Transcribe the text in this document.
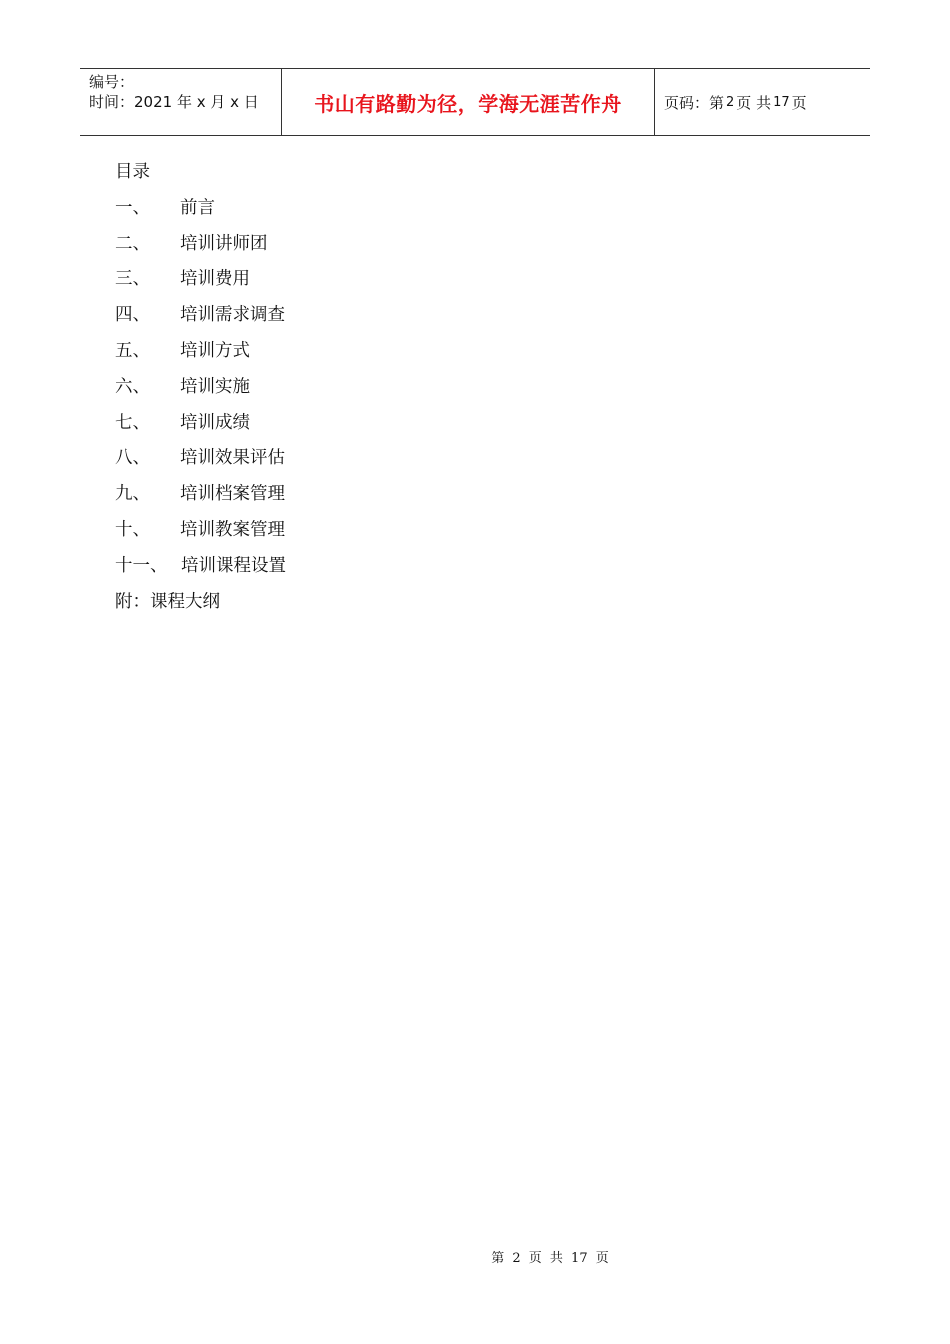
编号：
时间：2021 年 x 月 x 日	书山有路勤为径，学海无涯苦作舟	页码：第 2 页 共 17 页
目录
一、	前言
二、	培训讲师团
三、	培训费用
四、	培训需求调查
五、	培训方式
六、	培训实施
七、	培训成绩
八、	培训效果评估
九、	培训档案管理
十、	培训教案管理
十一、 培训课程设置
附：课程大纲
第 2 页 共 17 页
